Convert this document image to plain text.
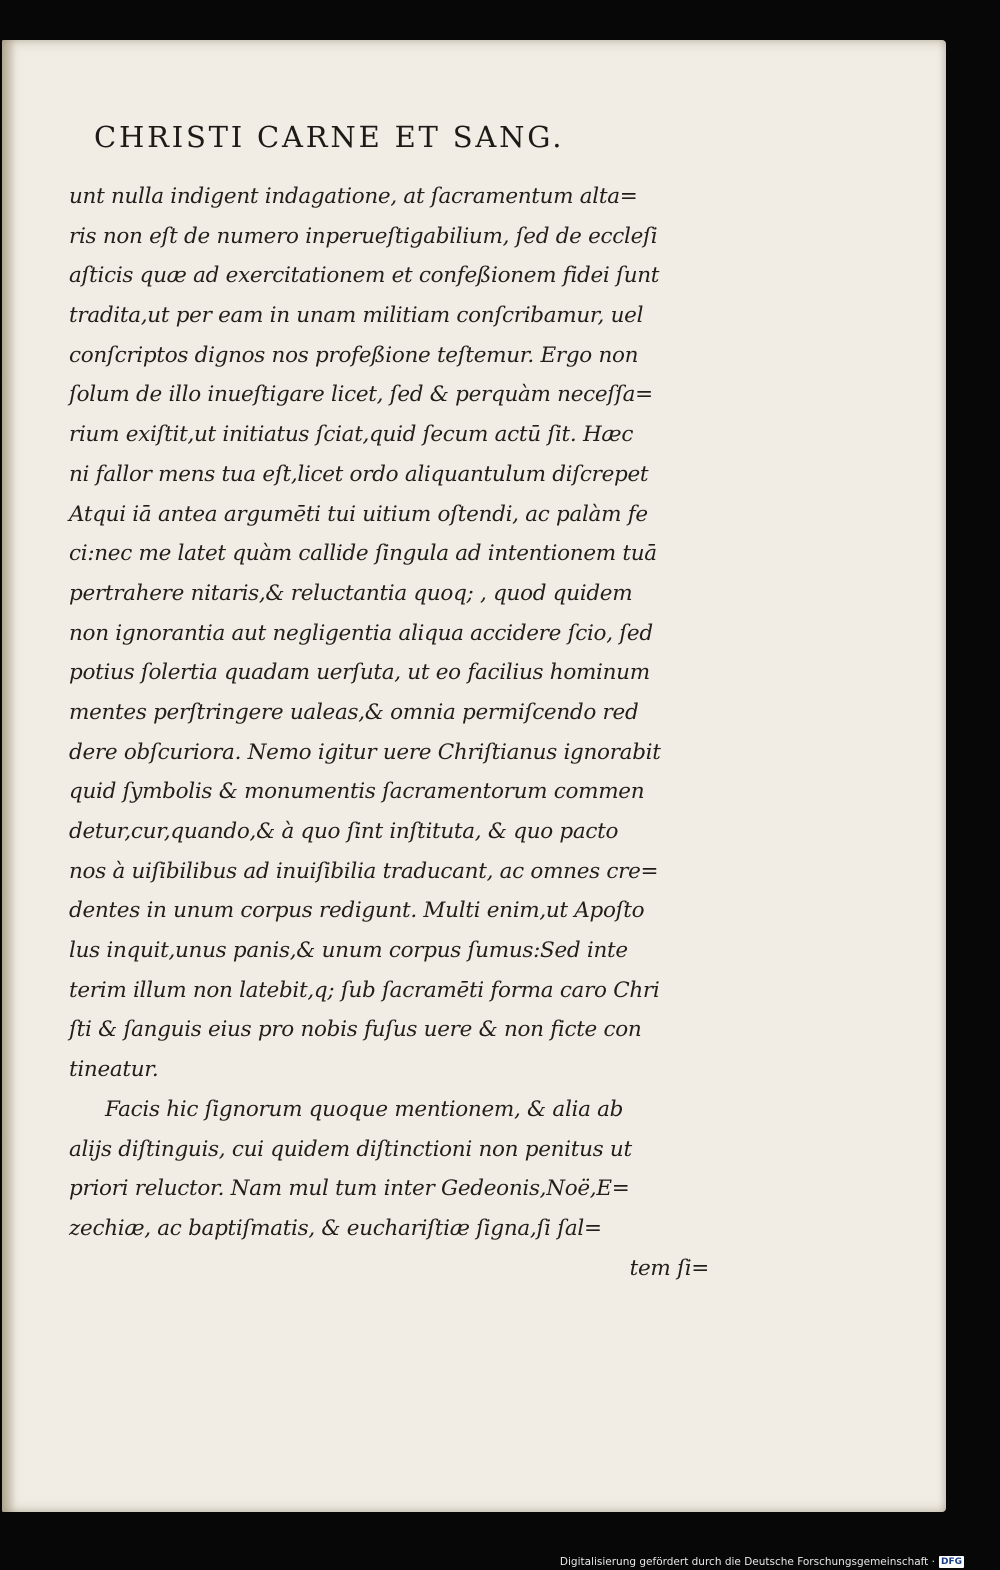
CHRISTI CARNE ET SANG.
unt nulla indigent indagatione, at ſacramentum alta=
ris non eſt de numero inperueſtigabilium, ſed de eccleſi
aſticis quæ ad exercitationem et confeßionem fidei ſunt
tradita,ut per eam in unam militiam conſcribamur, uel
conſcriptos dignos nos profeßione teſtemur. Ergo non
ſolum de illo inueſtigare licet, ſed & perquàm neceſſa=
rium exiſtit,ut initiatus ſciat,quid ſecum actū ſit. Hæc
ni fallor mens tua eſt,licet ordo aliquantulum diſcrepet
Atqui iā antea argumēti tui uitium oſtendi, ac palàm fe
ci:nec me latet quàm callide ſingula ad intentionem tuā
pertrahere nitaris,& reluctantia quoq; , quod quidem
non ignorantia aut negligentia aliqua accidere ſcio, ſed
potius ſolertia quadam uerſuta, ut eo facilius hominum
mentes perſtringere ualeas,& omnia permiſcendo red
dere obſcuriora. Nemo igitur uere Chriſtianus ignorabit
quid ſymbolis & monumentis ſacramentorum commen
detur,cur,quando,& à quo ſint inſtituta, & quo pacto
nos à uiſibilibus ad inuiſibilia traducant, ac omnes cre=
dentes in unum corpus redigunt. Multi enim,ut Apoſto
lus inquit,unus panis,& unum corpus ſumus:Sed inte
terim illum non latebit,q; ſub ſacramēti forma caro Chri
ſti & ſanguis eius pro nobis fuſus uere & non ficte con
tineatur.
Facis hic ſignorum quoque mentionem, & alia ab
alijs diſtinguis, cui quidem diſtinctioni non penitus ut
priori reluctor. Nam mul tum inter Gedeonis,Noë,E=
zechiæ, ac baptiſmatis, & euchariſtiæ ſigna,ſi ſal=
tem ſi=

Digitalisierung gefördert durch die Deutsche Forschungsgemeinschaft · DFG
